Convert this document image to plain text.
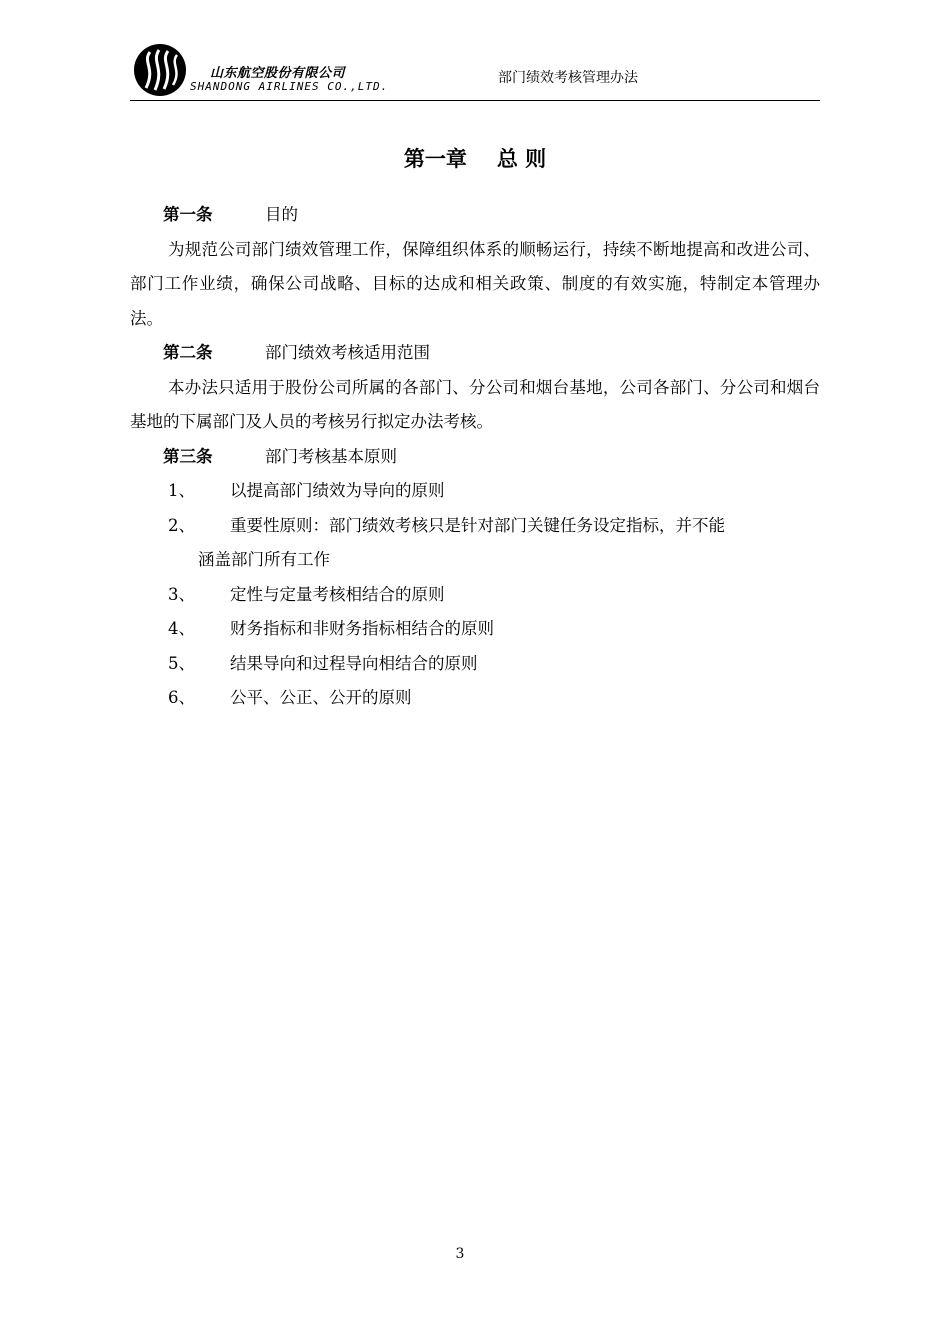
山东航空股份有限公司
SHANDONG AIRLINES CO.,LTD.
部门绩效考核管理办法
第一章 总 则
第一条	目的

为规范公司部门绩效管理工作，保障组织体系的顺畅运行，持续不断地提高和改进公司、部门工作业绩，确保公司战略、目标的达成和相关政策、制度的有效实施，特制定本管理办法。

第二条	部门绩效考核适用范围

本办法只适用于股份公司所属的各部门、分公司和烟台基地，公司各部门、分公司和烟台基地的下属部门及人员的考核另行拟定办法考核。

第三条	部门考核基本原则
1、	以提高部门绩效为导向的原则
2、	重要性原则：部门绩效考核只是针对部门关键任务设定指标，并不能
涵盖部门所有工作
3、	定性与定量考核相结合的原则
4、	财务指标和非财务指标相结合的原则
5、	结果导向和过程导向相结合的原则
6、	公平、公正、公开的原则
3
